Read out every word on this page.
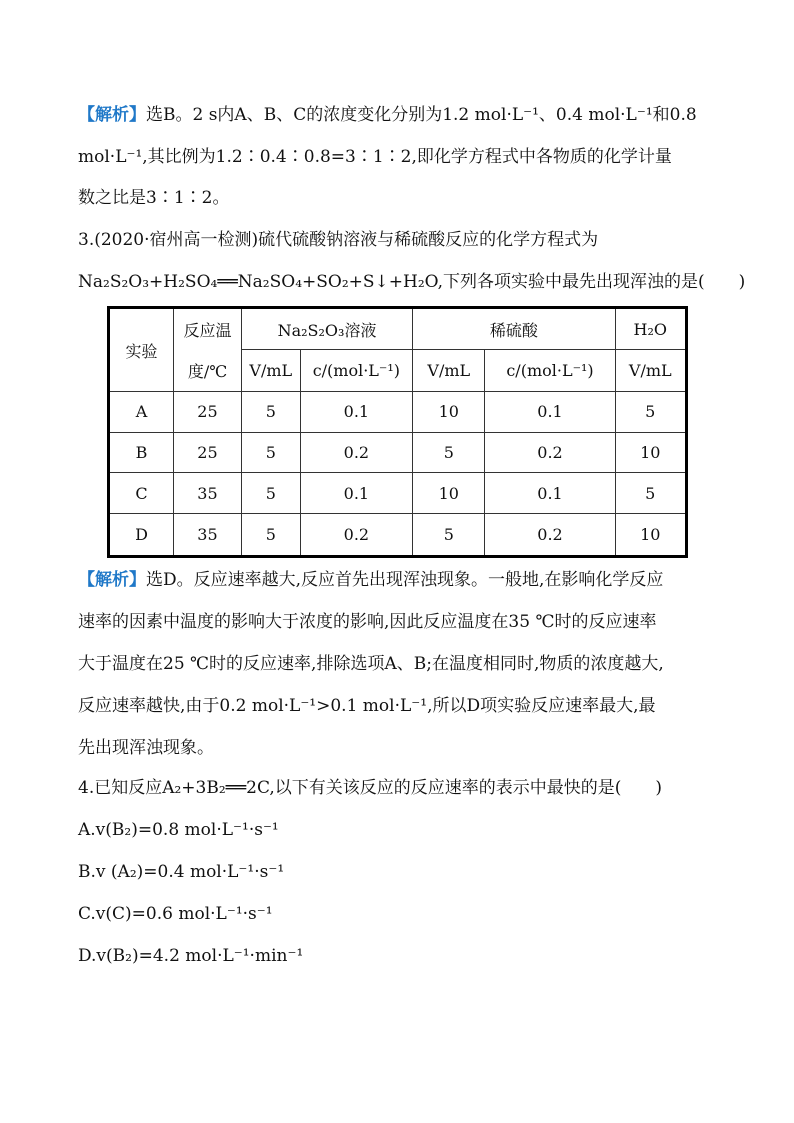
【解析】选B。2 s内A、B、C的浓度变化分别为1.2 mol·L⁻¹、0.4 mol·L⁻¹和0.8
mol·L⁻¹,其比例为1.2∶0.4∶0.8=3∶1∶2,即化学方程式中各物质的化学计量
数之比是3∶1∶2。
3.(2020·宿州高一检测)硫代硫酸钠溶液与稀硫酸反应的化学方程式为
Na₂S₂O₃+H₂SO₄══Na₂SO₄+SO₂+S↓+H₂O,下列各项实验中最先出现浑浊的是(　　)
实验	反应温	Na₂S₂O₃溶液		稀硫酸		H₂O
	度/℃	V/mL	c/(mol·L⁻¹)	V/mL	c/(mol·L⁻¹)	V/mL
A	25	5	0.1	10	0.1	5
B	25	5	0.2	5	0.2	10
C	35	5	0.1	10	0.1	5
D	35	5	0.2	5	0.2	10
【解析】选D。反应速率越大,反应首先出现浑浊现象。一般地,在影响化学反应
速率的因素中温度的影响大于浓度的影响,因此反应温度在35 ℃时的反应速率
大于温度在25 ℃时的反应速率,排除选项A、B;在温度相同时,物质的浓度越大,
反应速率越快,由于0.2 mol·L⁻¹>0.1 mol·L⁻¹,所以D项实验反应速率最大,最
先出现浑浊现象。
4.已知反应A₂+3B₂══2C,以下有关该反应的反应速率的表示中最快的是(　　)
A.v(B₂)=0.8 mol·L⁻¹·s⁻¹
B.v (A₂)=0.4 mol·L⁻¹·s⁻¹
C.v(C)=0.6 mol·L⁻¹·s⁻¹
D.v(B₂)=4.2 mol·L⁻¹·min⁻¹
